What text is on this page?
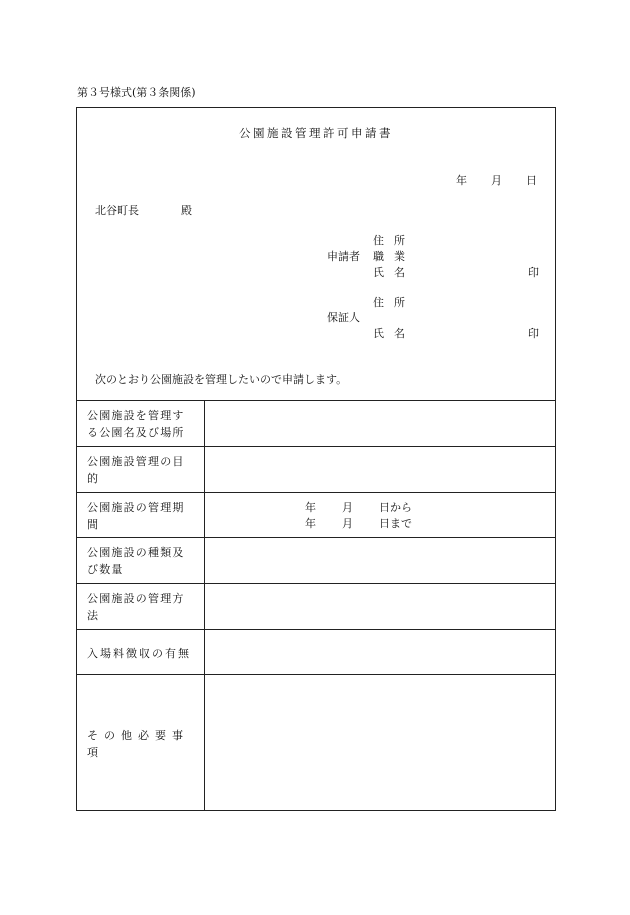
第３号様式(第３条関係)
公園施設管理許可申請書
年 月 日
北谷町長	殿
申請者
住所
職業
氏名	印
保証人
住所
氏名	印
次のとおり公園施設を管理したいので申請します。
公園施設を管理す
る公園名及び場所
公園施設管理の目
的
公園施設の管理期
間
年 月 日から
年 月 日まで
公園施設の種類及
び数量
公園施設の管理方
法
入場料徴収の有無
その他必要事項
